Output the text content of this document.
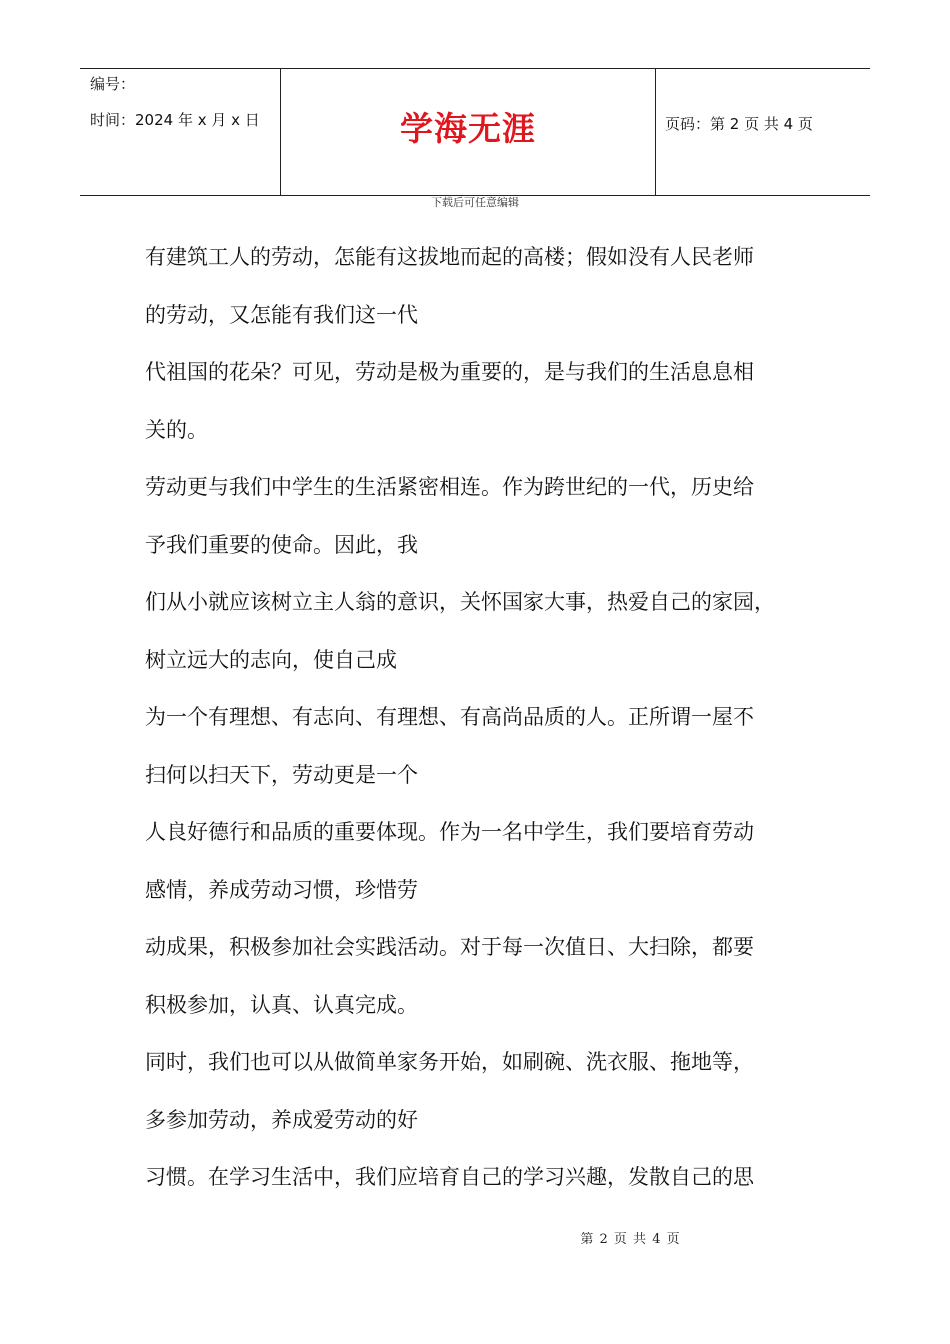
编号：
时间：2024 年 x 月 x 日	学海无涯	页码：第 2 页 共 4 页
下载后可任意编辑
有建筑工人的劳动，怎能有这拔地而起的高楼；假如没有人民老师
的劳动，又怎能有我们这一代
代祖国的花朵？可见，劳动是极为重要的，是与我们的生活息息相
关的。
劳动更与我们中学生的生活紧密相连。作为跨世纪的一代，历史给
予我们重要的使命。因此，我
们从小就应该树立主人翁的意识，关怀国家大事，热爱自己的家园，
树立远大的志向，使自己成
为一个有理想、有志向、有理想、有高尚品质的人。正所谓一屋不
扫何以扫天下，劳动更是一个
人良好德行和品质的重要体现。作为一名中学生，我们要培育劳动
感情，养成劳动习惯，珍惜劳
动成果，积极参加社会实践活动。对于每一次值日、大扫除，都要
积极参加，认真、认真完成。
同时，我们也可以从做简单家务开始，如刷碗、洗衣服、拖地等，
多参加劳动，养成爱劳动的好
习惯。在学习生活中，我们应培育自己的学习兴趣，发散自己的思
第 2 页 共 4 页
